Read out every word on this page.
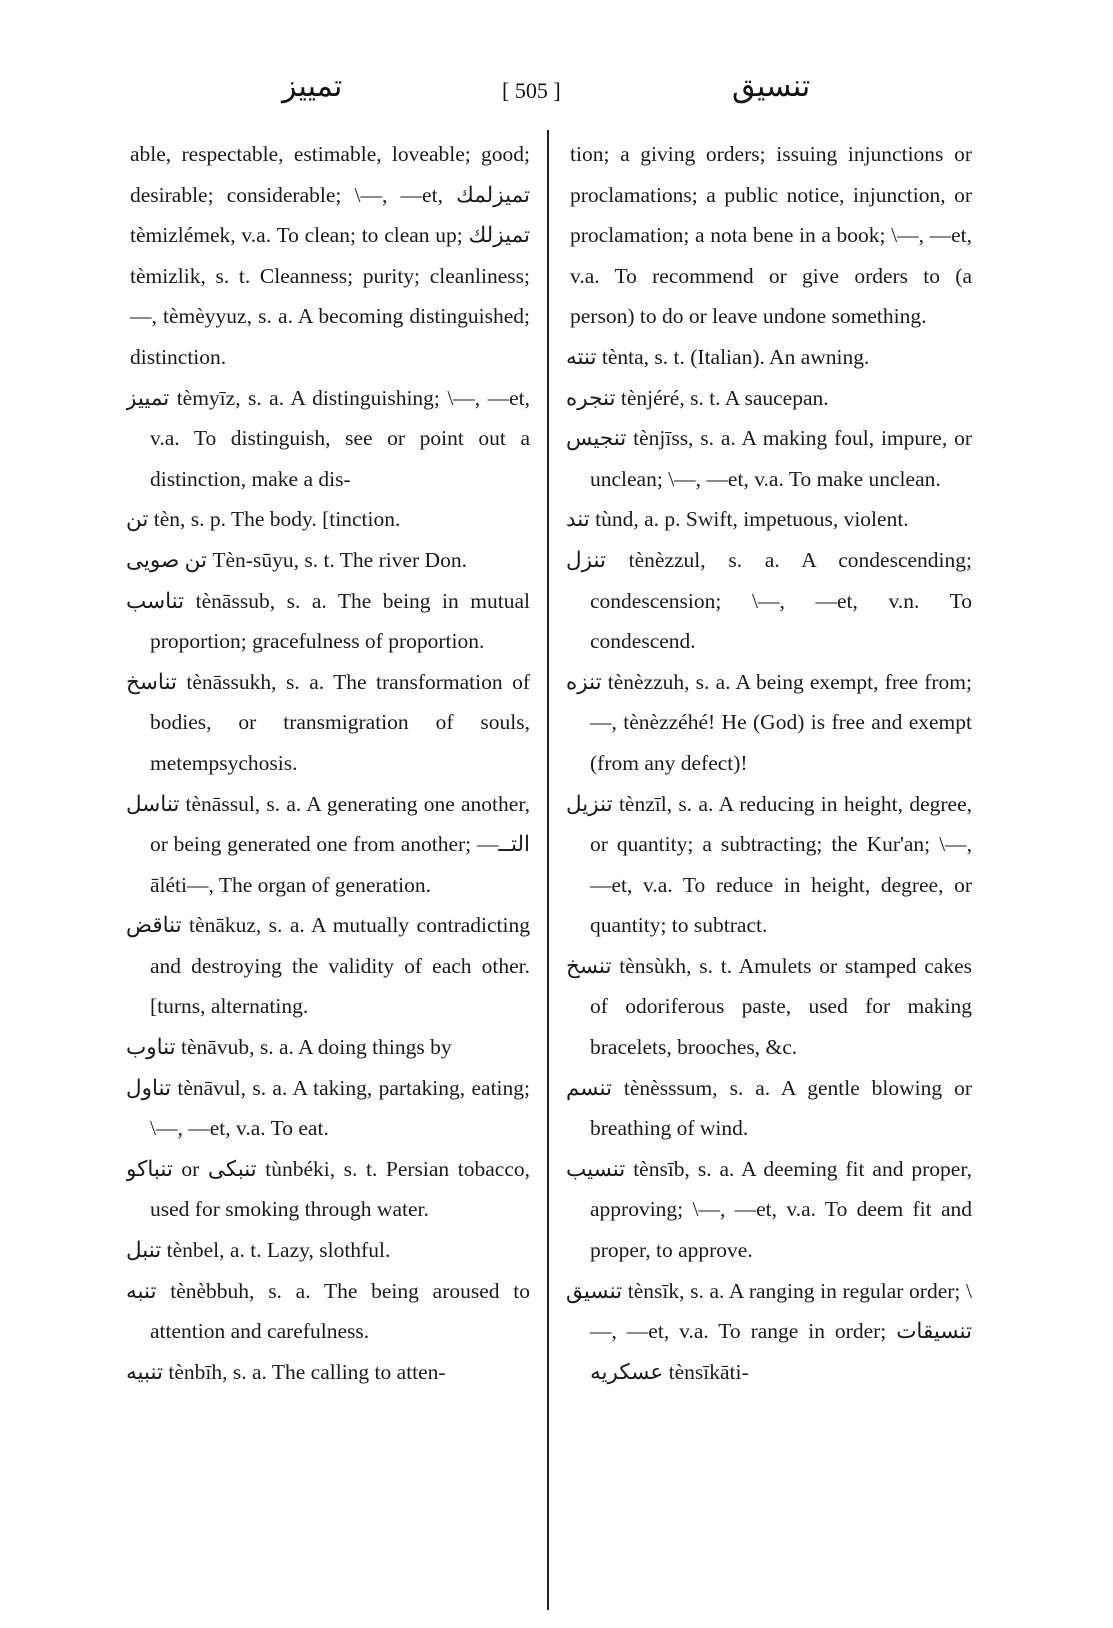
تمييز	[ 505 ]	تنسيق

able, respectable, estimable, loveable; good; desirable; considerable; \—, —et, تميزلمك tèmizlémek, v.a. To clean; to clean up; تميزلك tèmizlik, s. t. Cleanness; purity; cleanliness; —, tèmèyyuz, s. a. A becoming distinguished; distinction.

تمييز tèmyīz, s. a. A distinguishing; \—, —et, v.a. To distinguish, see or point out a distinction, make a dis-

تن tèn, s. p. The body. [tinction.

تن صويى Tèn-sūyu, s. t. The river Don.

تناسب tènāssub, s. a. The being in mutual proportion; gracefulness of proportion.

تناسخ tènāssukh, s. a. The transformation of bodies, or transmigration of souls, metempsychosis.

تناسل tènāssul, s. a. A generating one another, or being generated one from another; —التــ āléti—, The organ of generation.

تناقض tènākuz, s. a. A mutually contradicting and destroying the validity of each other. [turns, alternating.

تناوب tènāvub, s. a. A doing things by

تناول tènāvul, s. a. A taking, partaking, eating; \—, —et, v.a. To eat.

تنباكو or تنبكى tùnbéki, s. t. Persian tobacco, used for smoking through water.

تنبل tènbel, a. t. Lazy, slothful.

تنبه tènèbbuh, s. a. The being aroused to attention and carefulness.

تنبيه tènbīh, s. a. The calling to atten-

tion; a giving orders; issuing injunctions or proclamations; a public notice, injunction, or proclamation; a nota bene in a book; \—, —et, v.a. To recommend or give orders to (a person) to do or leave undone something.

تنته tènta, s. t. (Italian). An awning.

تنجره tènjéré, s. t. A saucepan.

تنجيس tènjīss, s. a. A making foul, impure, or unclean; \—, —et, v.a. To make unclean.

تند tùnd, a. p. Swift, impetuous, violent.

تنزل tènèzzul, s. a. A condescending; condescension; \—, —et, v.n. To condescend.

تنزه tènèzzuh, s. a. A being exempt, free from; —, tènèzzéhé! He (God) is free and exempt (from any defect)!

تنزيل tènzīl, s. a. A reducing in height, degree, or quantity; a subtracting; the Kur'an; \—, —et, v.a. To reduce in height, degree, or quantity; to subtract.

تنسخ tènsùkh, s. t. Amulets or stamped cakes of odoriferous paste, used for making bracelets, brooches, &c.

تنسم tènèsssum, s. a. A gentle blowing or breathing of wind.

تنسيب tènsīb, s. a. A deeming fit and proper, approving; \—, —et, v.a. To deem fit and proper, to approve.

تنسيق tènsīk, s. a. A ranging in regular order; \—, —et, v.a. To range in order; تنسيقات عسكريه tènsīkāti-
